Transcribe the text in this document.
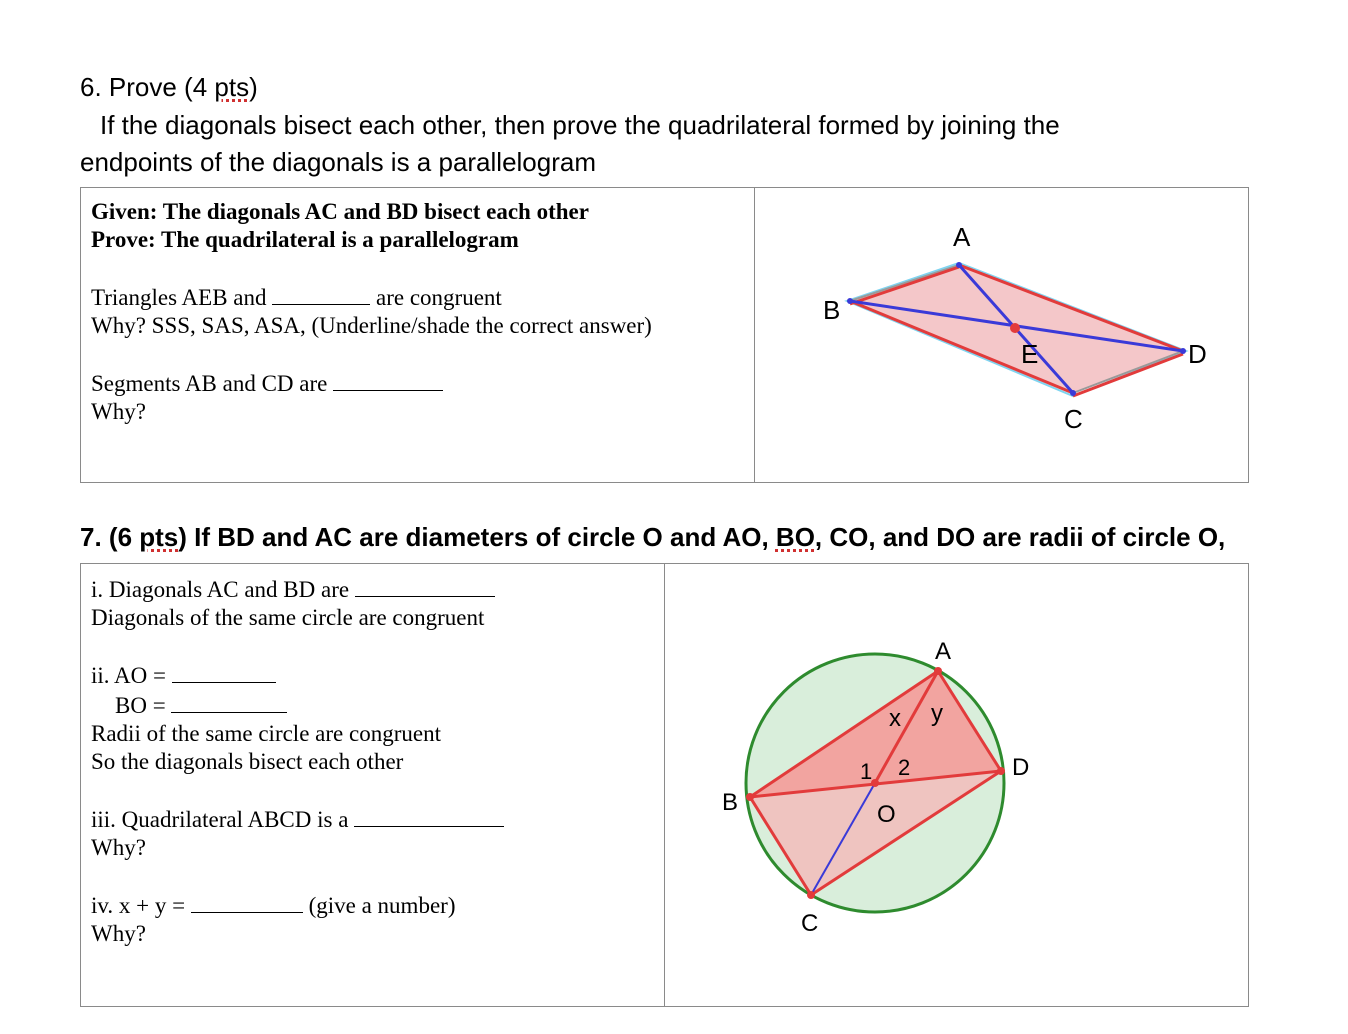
6. Prove (4 pts)
If the diagonals bisect each other, then prove the quadrilateral formed by joining the
endpoints of the diagonals is a parallelogram
Given: The diagonals AC and BD bisect each other
Prove: The quadrilateral is a parallelogram
Triangles AEB and	are congruent
Why? SSS, SAS, ASA, (Underline/shade the correct answer)
Segments AB and CD are
Why?

A
B
C
D
E
7. (6 pts) If BD and AC are diameters of circle O and AO, BO, CO, and DO are radii of circle O,
i. Diagonals AC and BD are
Diagonals of the same circle are congruent
ii. AO =
BO =
Radii of the same circle are congruent
So the diagonals bisect each other
iii. Quadrilateral ABCD is a
Why?
iv. x + y =	(give a number)
Why?

A
B
C
D
O
x y
1 2
